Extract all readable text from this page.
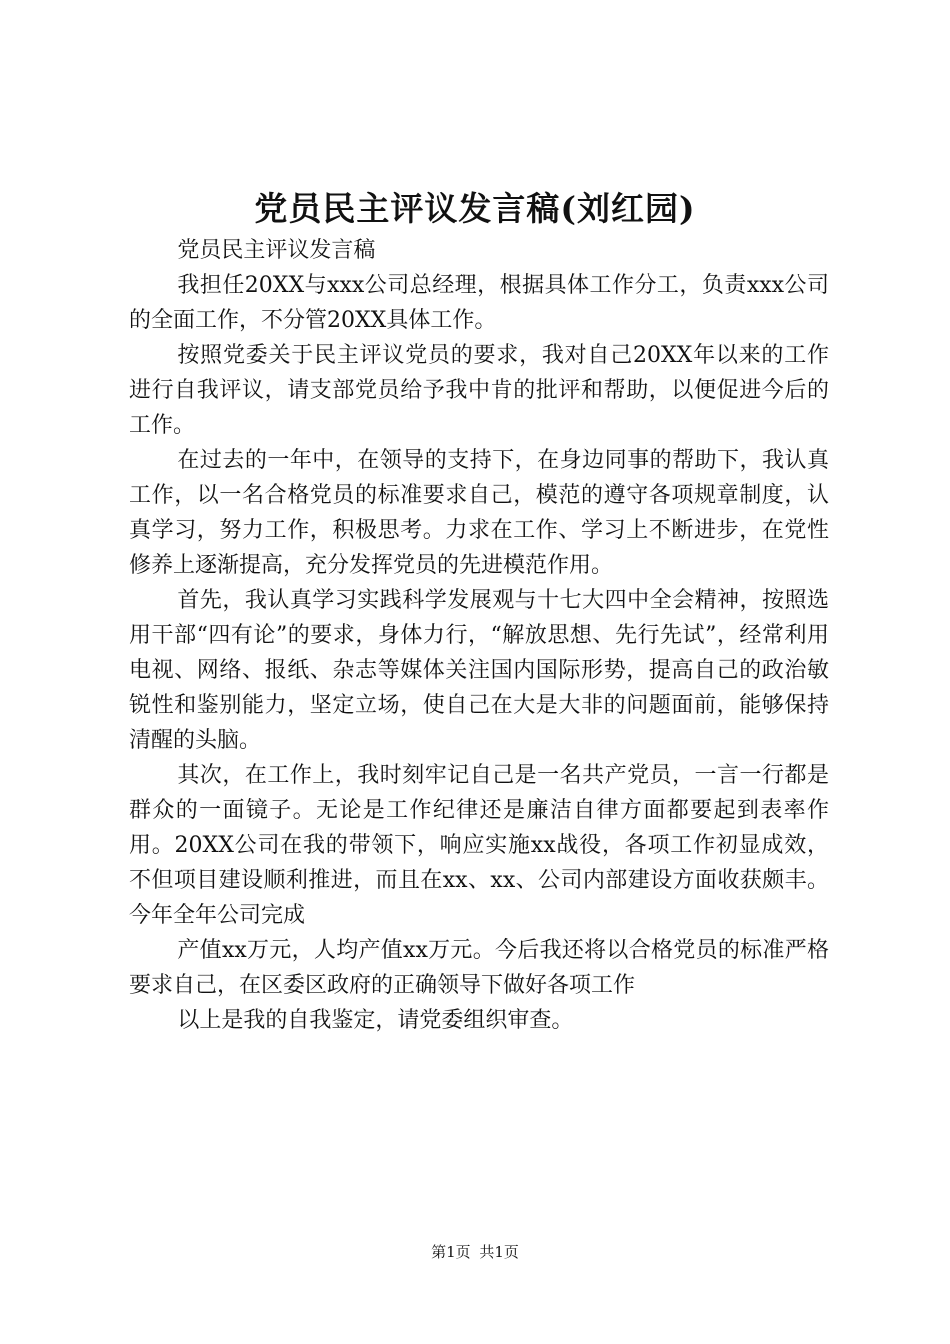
党员民主评议发言稿(刘红园)

党员民主评议发言稿

我担任20XX与xxx公司总经理，根据具体工作分工，负责xxx公司的全面工作，不分管20XX具体工作。

按照党委关于民主评议党员的要求，我对自己20XX年以来的工作进行自我评议，请支部党员给予我中肯的批评和帮助，以便促进今后的工作。

在过去的一年中，在领导的支持下，在身边同事的帮助下，我认真工作，以一名合格党员的标准要求自己，模范的遵守各项规章制度，认真学习，努力工作，积极思考。力求在工作、学习上不断进步，在党性修养上逐渐提高，充分发挥党员的先进模范作用。

首先，我认真学习实践科学发展观与十七大四中全会精神，按照选用干部“四有论”的要求，身体力行，“解放思想、先行先试”，经常利用电视、网络、报纸、杂志等媒体关注国内国际形势，提高自己的政治敏锐性和鉴别能力，坚定立场，使自己在大是大非的问题面前，能够保持清醒的头脑。

其次，在工作上，我时刻牢记自己是一名共产党员，一言一行都是群众的一面镜子。无论是工作纪律还是廉洁自律方面都要起到表率作用。20XX公司在我的带领下，响应实施xx战役，各项工作初显成效，不但项目建设顺利推进，而且在xx、xx、公司内部建设方面收获颇丰。今年全年公司完成

产值xx万元，人均产值xx万元。今后我还将以合格党员的标准严格要求自己，在区委区政府的正确领导下做好各项工作

以上是我的自我鉴定，请党委组织审查。

第1页 共1页
